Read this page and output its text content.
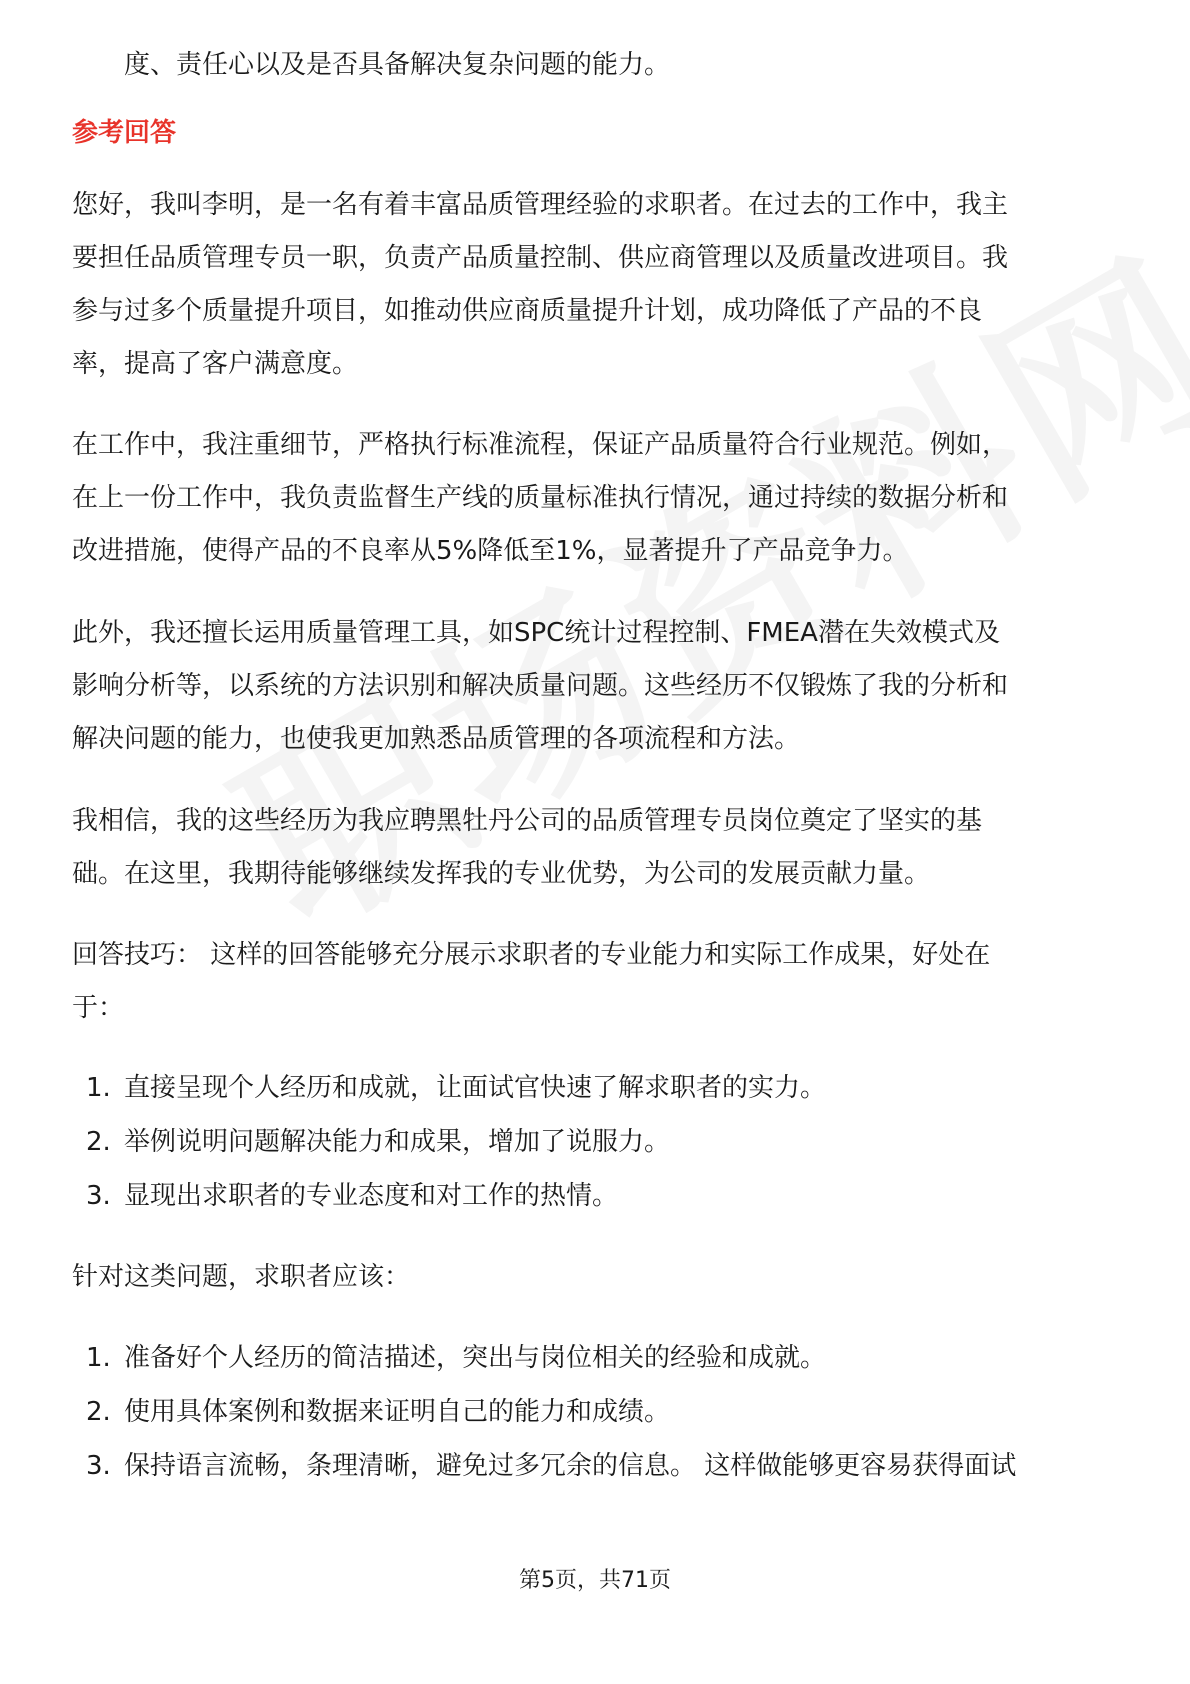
度、责任心以及是否具备解决复杂问题的能力。
参考回答
您好，我叫李明，是一名有着丰富品质管理经验的求职者。在过去的工作中，我主
要担任品质管理专员一职，负责产品质量控制、供应商管理以及质量改进项目。我
参与过多个质量提升项目，如推动供应商质量提升计划，成功降低了产品的不良
率，提高了客户满意度。
在工作中，我注重细节，严格执行标准流程，保证产品质量符合行业规范。例如，
在上一份工作中，我负责监督生产线的质量标准执行情况，通过持续的数据分析和
改进措施，使得产品的不良率从5%降低至1%，显著提升了产品竞争力。
此外，我还擅长运用质量管理工具，如SPC统计过程控制、FMEA潜在失效模式及
影响分析等，以系统的方法识别和解决质量问题。这些经历不仅锻炼了我的分析和
解决问题的能力，也使我更加熟悉品质管理的各项流程和方法。
我相信，我的这些经历为我应聘黑牡丹公司的品质管理专员岗位奠定了坚实的基
础。在这里，我期待能够继续发挥我的专业优势，为公司的发展贡献力量。
回答技巧： 这样的回答能够充分展示求职者的专业能力和实际工作成果，好处在
于：
1. 直接呈现个人经历和成就，让面试官快速了解求职者的实力。
2. 举例说明问题解决能力和成果，增加了说服力。
3. 显现出求职者的专业态度和对工作的热情。
针对这类问题，求职者应该：
1. 准备好个人经历的简洁描述，突出与岗位相关的经验和成就。
2. 使用具体案例和数据来证明自己的能力和成绩。
3. 保持语言流畅，条理清晰，避免过多冗余的信息。 这样做能够更容易获得面试
第5页，共71页
